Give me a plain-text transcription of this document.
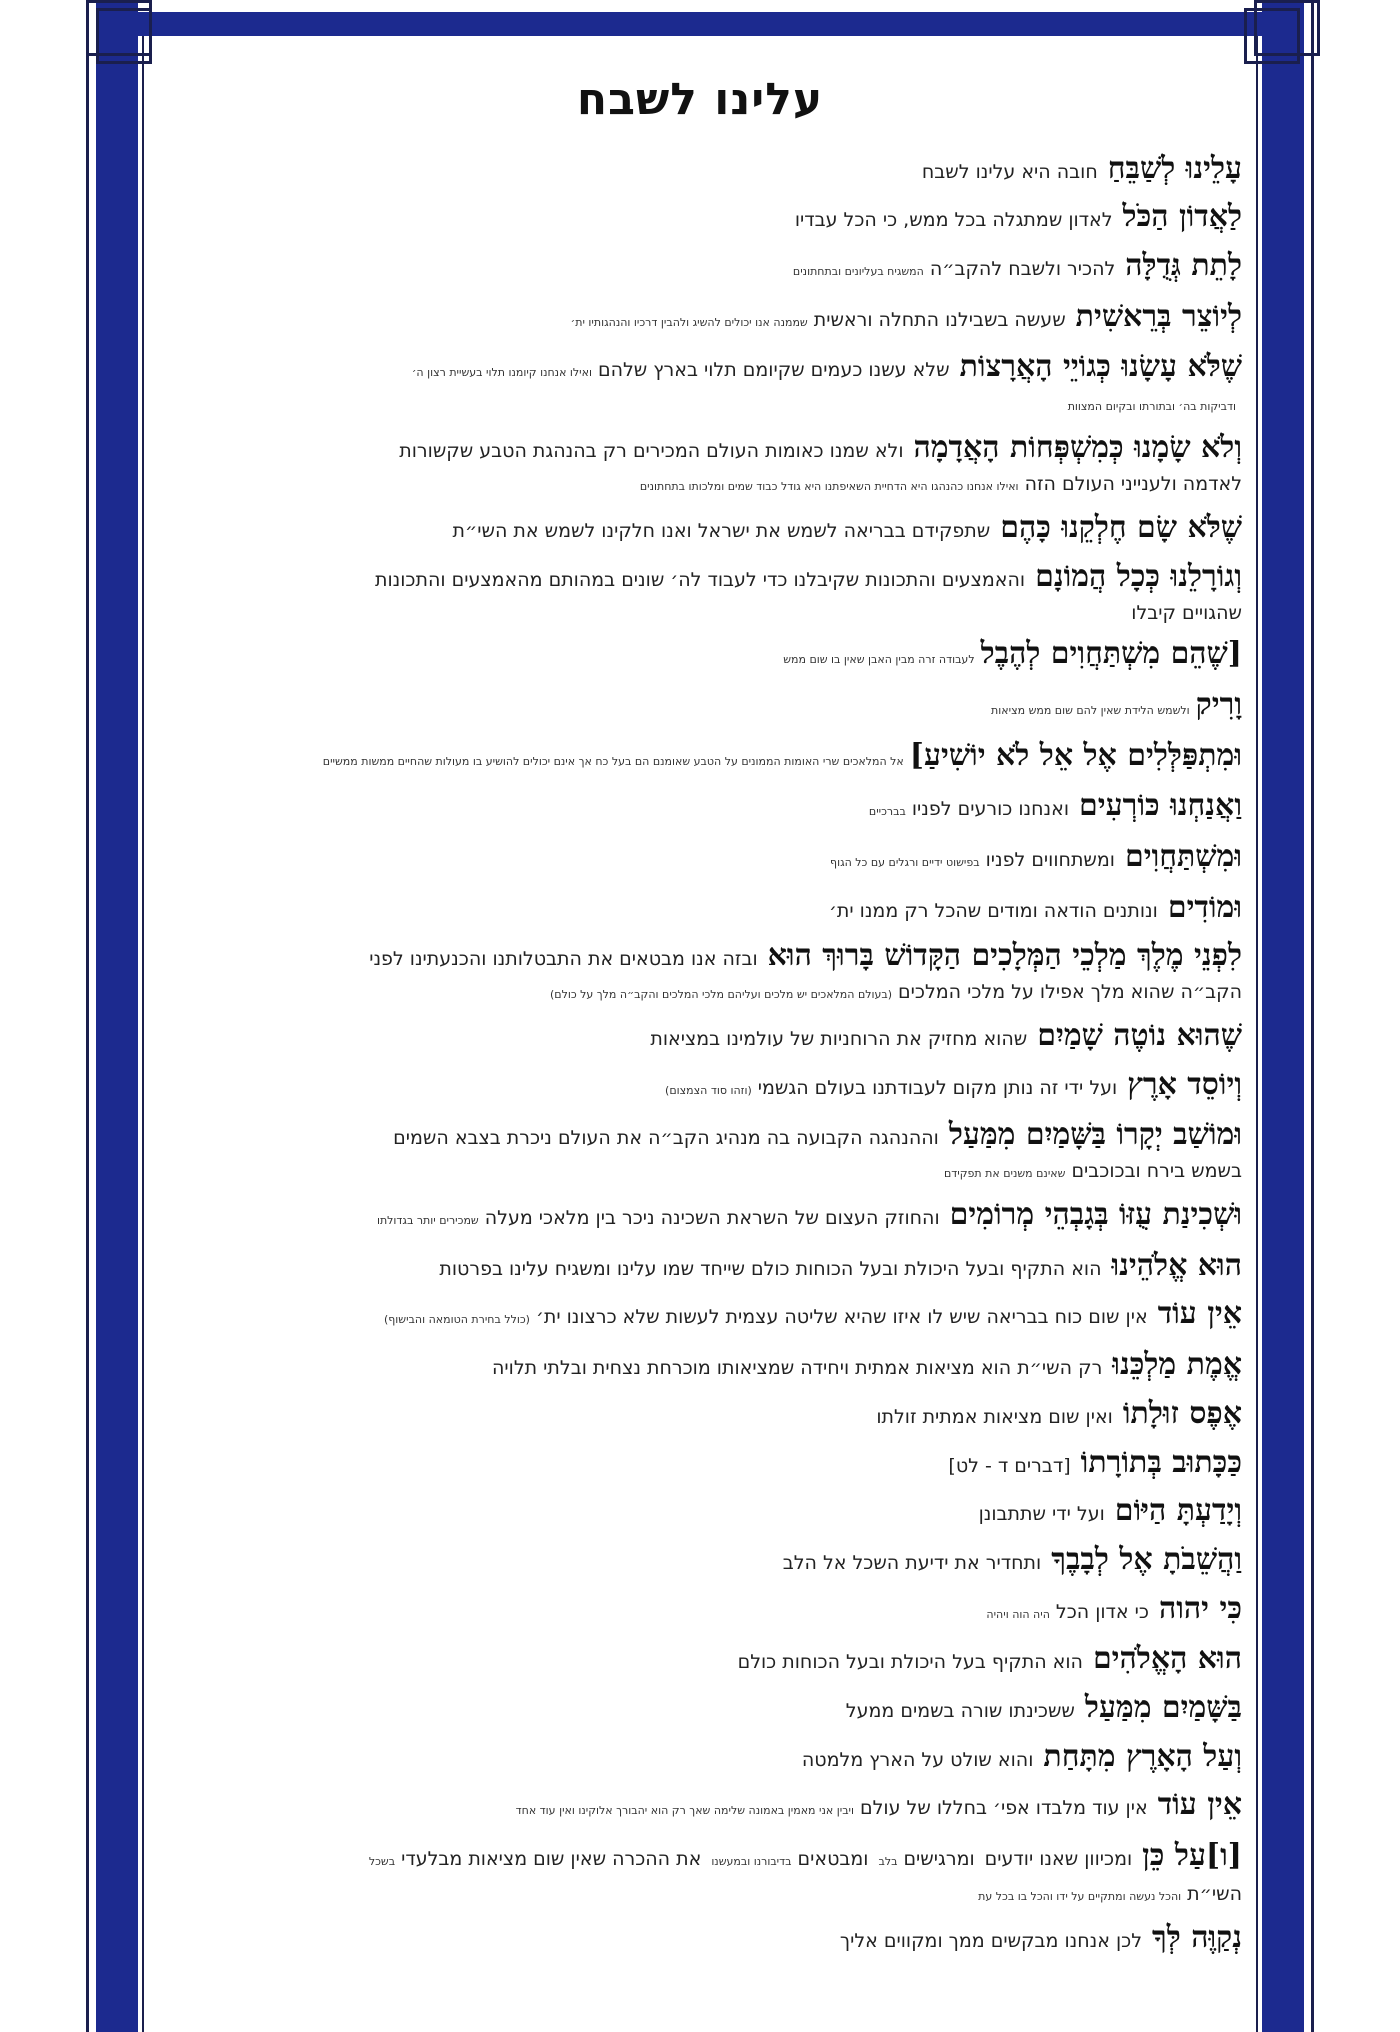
עלינו לשבח
עָלֵינוּ לְשַׁבֵּחַחובה היא עלינו לשבח
לַאֲדוֹן הַכֹּללאדון שמתגלה בכל ממש, כי הכל עבדיו
לָתֵת גְּדֻלָּהלהכיר ולשבח להקב״ההמשגיח בעליונים ובתחתונים
לְיוֹצֵר בְּרֵאשִׁיתשעשה בשבילנו התחלה וראשיתשממנה אנו יכולים להשיג ולהבין דרכיו והנהגותיו ית׳
שֶׁלֹּא עָשָׂנוּ כְּגוֹיֵי הָאֲרָצוֹתשלא עשנו כעמים שקיומם תלוי בארץ שלהםואילו אנחנו קיומנו תלוי בעשיית רצון ה׳
ודביקות בה׳ ובתורתו ובקיום המצוות
וְלֹא שָׂמָנוּ כְּמִשְׁפְּחוֹת הָאֲדָמָהולא שמנו כאומות העולם המכירים רק בהנהגת הטבע שקשורות
לאדמה ולענייני העולם הזהואילו אנחנו כהנהגו היא הדחיית השאיפתנו היא גודל כבוד שמים ומלכותו בתחתונים
שֶׁלֹּא שָׂם חֶלְקֵנוּ כָּהֶםשתפקידם בבריאה לשמש את ישראל ואנו חלקינו לשמש את השי״ת
וְגוֹרָלֵנוּ כְּכָל הֲמוֹנָםוהאמצעים והתכונות שקיבלנו כדי לעבוד לה׳ שונים במהותם מהאמצעים והתכונות
שהגויים קיבלו
[שֶׁהֵם מִשְׁתַּחֲוִים לְהֶבֶללעבודה זרה מבין האבן שאין בו שום ממש
וָרִיקולשמש הלידת שאין להם שום ממש מציאות
וּמִתְפַּלְּלִים אֶל אֵל לֹא יוֹשִׁיעַ]אל המלאכים שרי האומות הממונים על הטבע שאומנם הם בעל כח אך אינם יכולים להושיע בו מעולות שהחיים ממשות ממשיים
וַאֲנַחְנוּ כּוֹרְעִיםואנחנו כורעים לפניובברכיים
וּמִשְׁתַּחֲוִיםומשתחווים לפניובפישוט ידיים ורגלים עם כל הגוף
וּמוֹדִיםונותנים הודאה ומודים שהכל רק ממנו ית׳
לִפְנֵי מֶלֶךְ מַלְכֵי הַמְּלָכִים הַקָּדוֹשׁ בָּרוּךְ הוּאובזה אנו מבטאים את התבטלותנו והכנעתינו לפני
הקב״ה שהוא מלך אפילו על מלכי המלכים(בעולם המלאכים יש מלכים ועליהם מלכי המלכים והקב״ה מלך על כולם)
שֶׁהוּא נוֹטֶה שָׁמַיִםשהוא מחזיק את הרוחניות של עולמינו במציאות
וְיוֹסֵד אָרֶץועל ידי זה נותן מקום לעבודתנו בעולם הגשמי(וזהו סוד הצמצום)
וּמוֹשַׁב יְקָרוֹ בַּשָּׁמַיִם מִמַּעַלוההנהגה הקבועה בה מנהיג הקב״ה את העולם ניכרת בצבא השמים
בשמש בירח ובכוכביםשאינם משנים את תפקידם
וּשְׁכִינַת עֻזּוֹ בְּגָבְהֵי מְרוֹמִיםוהחוזק העצום של השראת השכינה ניכר בין מלאכי מעלהשמכירים יותר בגדולתו
הוּא אֱלֹהֵינוּהוא התקיף ובעל היכולת ובעל הכוחות כולם שייחד שמו עלינו ומשגיח עלינו בפרטות
אֵין עוֹדאין שום כוח בבריאה שיש לו איזו שהיא שליטה עצמית לעשות שלא כרצונו ית׳(כולל בחירת הטומאה והבישוף)
אֱמֶת מַלְכֵּנוּרק השי״ת הוא מציאות אמתית ויחידה שמציאותו מוכרחת נצחית ובלתי תלויה
אֶפֶס זוּלָתוֹואין שום מציאות אמתית זולתו
כַּכָּתוּב בְּתוֹרָתוֹ[דברים ד - לט]
וְיָדַעְתָּ הַיּוֹםועל ידי שתתבונן
וַהֲשֵׁבֹתָ אֶל לְבָבֶךָותחדיר את ידיעת השכל אל הלב
כִּי יהוהכי אדון הכלהיה הוה ויהיה
הוּא הָאֱלֹהִיםהוא התקיף בעל היכולת ובעל הכוחות כולם
בַּשָּׁמַיִם מִמַּעַלששכינתו שורה בשמים ממעל
וְעַל הָאָרֶץ מִתָּחַתוהוא שולט על הארץ מלמטה
אֵין עוֹדאין עוד מלבדו אפי׳ בחללו של עולםויבין אני מאמין באמונה שלימה שאך רק הוא יהבורך אלוקינו ואין עוד אחד
[ו]עַל כֵּןומכיוון שאנו יודעיםומרגישיםבלבומבטאיםבדיבורנו ובמעשנואת ההכרה שאין שום מציאות מבלעדיבשכל
השי״תוהכל נעשה ומתקיים על ידו והכל בו בכל עת
נְקַוֶּה לְּךָלכן אנחנו מבקשים ממך ומקווים אליך
